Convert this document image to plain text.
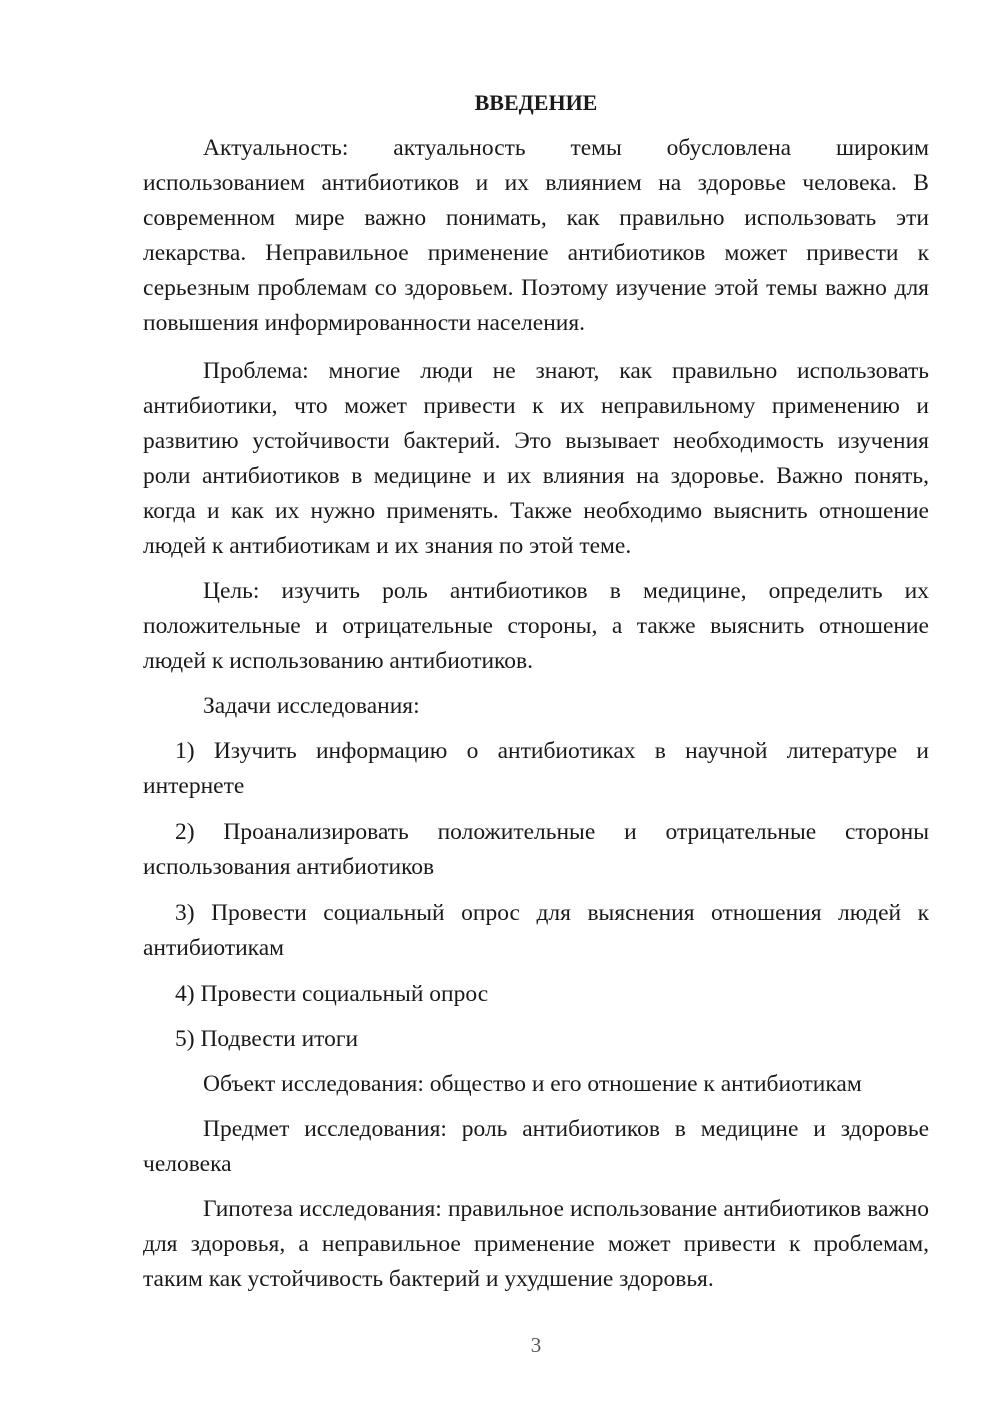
ВВЕДЕНИЕ

Актуальность: актуальность темы обусловлена широким использованием антибиотиков и их влиянием на здоровье человека. В современном мире важно понимать, как правильно использовать эти лекарства. Неправильное применение антибиотиков может привести к серьезным проблемам со здоровьем. Поэтому изучение этой темы важно для повышения информированности населения.

Проблема: многие люди не знают, как правильно использовать антибиотики, что может привести к их неправильному применению и развитию устойчивости бактерий. Это вызывает необходимость изучения роли антибиотиков в медицине и их влияния на здоровье. Важно понять, когда и как их нужно применять. Также необходимо выяснить отношение людей к антибиотикам и их знания по этой теме.

Цель: изучить роль антибиотиков в медицине, определить их положительные и отрицательные стороны, а также выяснить отношение людей к использованию антибиотиков.

Задачи исследования:

1) Изучить информацию о антибиотиках в научной литературе и интернете

2) Проанализировать положительные и отрицательные стороны использования антибиотиков

3) Провести социальный опрос для выяснения отношения людей к антибиотикам

4) Провести социальный опрос

5) Подвести итоги

Объект исследования: общество и его отношение к антибиотикам

Предмет исследования: роль антибиотиков в медицине и здоровье человека

Гипотеза исследования: правильное использование антибиотиков важно для здоровья, а неправильное применение может привести к проблемам, таким как устойчивость бактерий и ухудшение здоровья.

3
